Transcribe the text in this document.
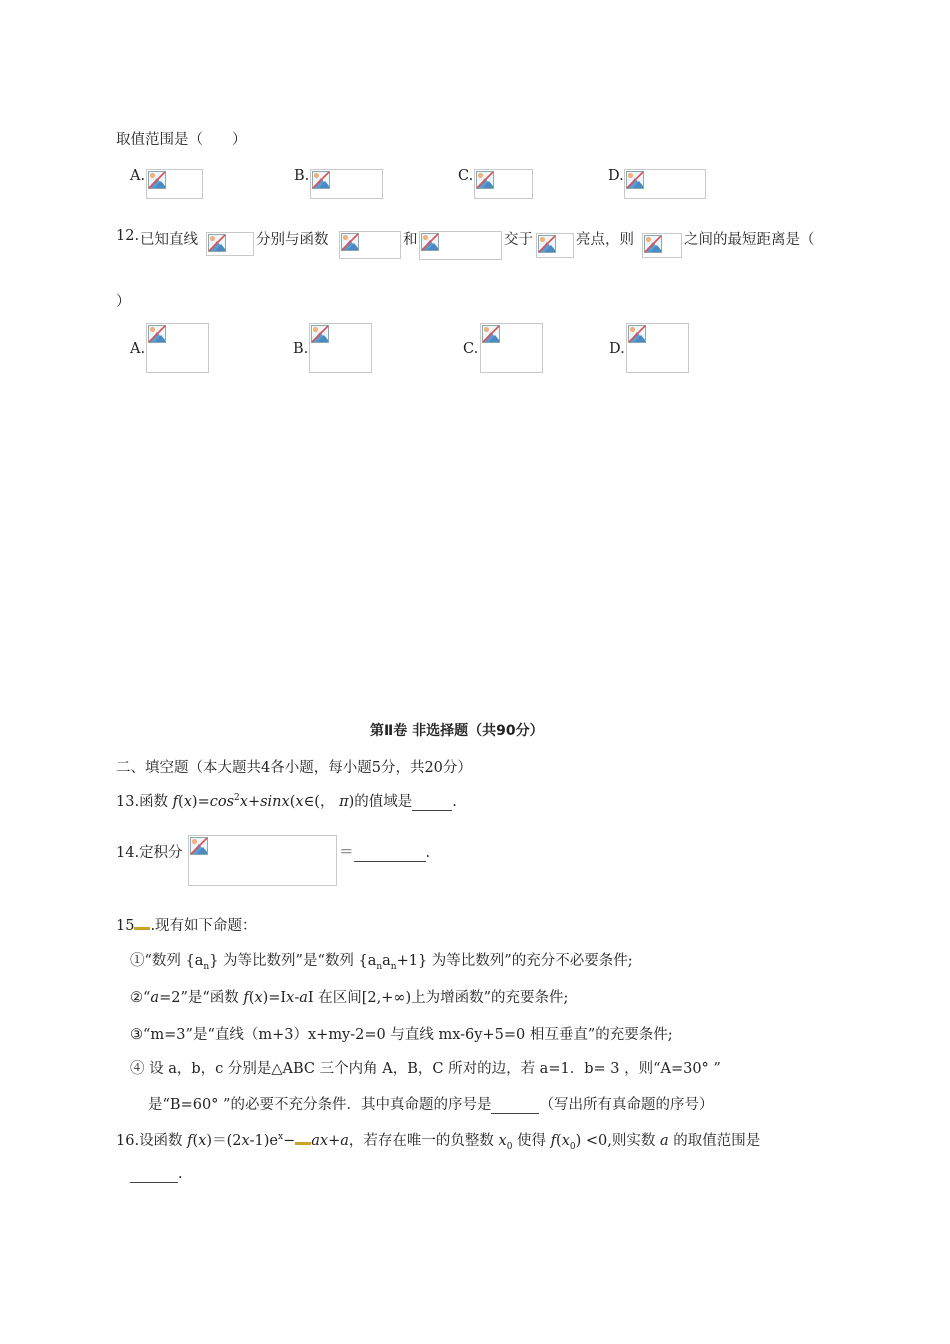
取值范围是（　　）
A.	B.	C.	D.
12. 已知直线	分别与函数	和	交于	亮点，则	之间的最短距离是（
）
A.	B.	C.	D.
第Ⅱ卷 非选择题（共90分）
二、填空题（本大题共4各小题，每小题5分，共20分）
13.函数 $f(x)=\cos^2x+\sin x(x\in$(， π)的值域是	.
14.定积分	＝	.
15 .现有如下命题：
①“数列 $\{a_n\}$ 为等比数列”是“数列 $\{a_na_n+1\}$ 为等比数列”的充分不必要条件;
②“a=2”是“函数 f(x)=Ix-aI 在区间[2,+∞)上为增函数”的充要条件;
③“m=3”是“直线（m+3）x+my-2=0 与直线 mx-6y+5=0 相互垂直”的充要条件;
④ 设 a，b，c 分别是△ABC 三个内角 A，B，C 所对的边，若 a=1．b= 3 ，则“A=30° ”
是“B=60° ”的必要不充分条件．其中真命题的序号是	（写出所有真命题的序号）
16.设函数 $f(x)=(2x-1)e^x- ax+a$，若存在唯一的负整数 $x_0$ 使得 $f(x_0) <0$,则实数 a 的取值范围是
.
